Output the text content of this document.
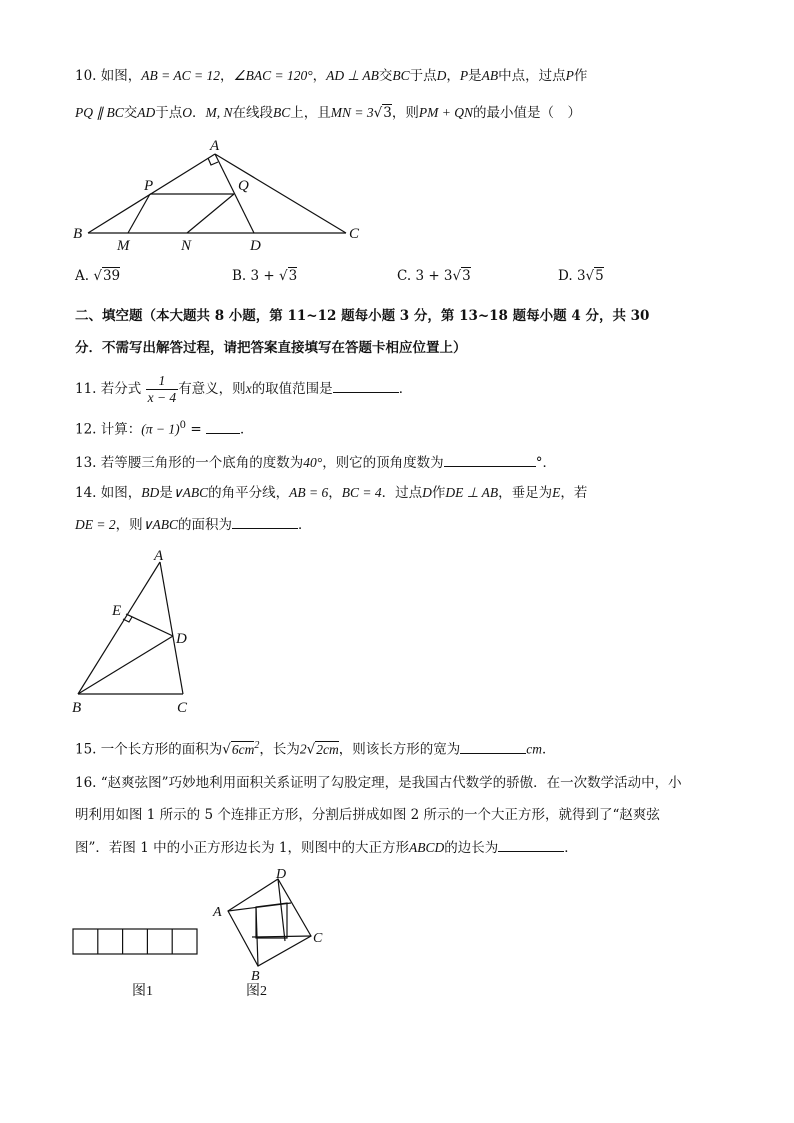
10. 如图，AB = AC = 12，∠BAC = 120°，AD ⊥ AB交BC于点D，P是AB中点，过点P作
PQ ∥ BC交AD于点O．M, N在线段BC上，且MN = 3√3，则PM + QN的最小值是（　）
A
P	Q
B
M	N	D
C
A. √39	B. 3 + √3	C. 3 + 3√3	D. 3√5
二、填空题（本大题共 8 小题，第 11~12 题每小题 3 分，第 13~18 题每小题 4 分，共 30
分．不需写出解答过程，请把答案直接填写在答题卡相应位置上）
11. 若分式 $\frac{1}{x - 4}$ 有意义，则x的取值范围是	．
12. 计算：$(\pi - 1)^0$ =	．
13. 若等腰三角形的一个底角的度数为40°，则它的顶角度数为	°．
14. 如图，BD是∨ABC的角平分线，AB = 6，BC = 4．过点D作DE ⊥ AB，垂足为E，若
DE = 2，则∨ABC的面积为	．
A
E
D
B	C
15. 一个长方形的面积为$√6cm^2$，长为2√2cm，则该长方形的宽为	cm．
16. “赵爽弦图”巧妙地利用面积关系证明了勾股定理，是我国古代数学的骄傲．在一次数学活动中，小
明利用如图 1 所示的 5 个连排正方形，分割后拼成如图 2 所示的一个大正方形，就得到了“赵爽弦
图”．若图 1 中的小正方形边长为 1，则图中的大正方形ABCD的边长为	．
图1
A
D
C
B
图2
